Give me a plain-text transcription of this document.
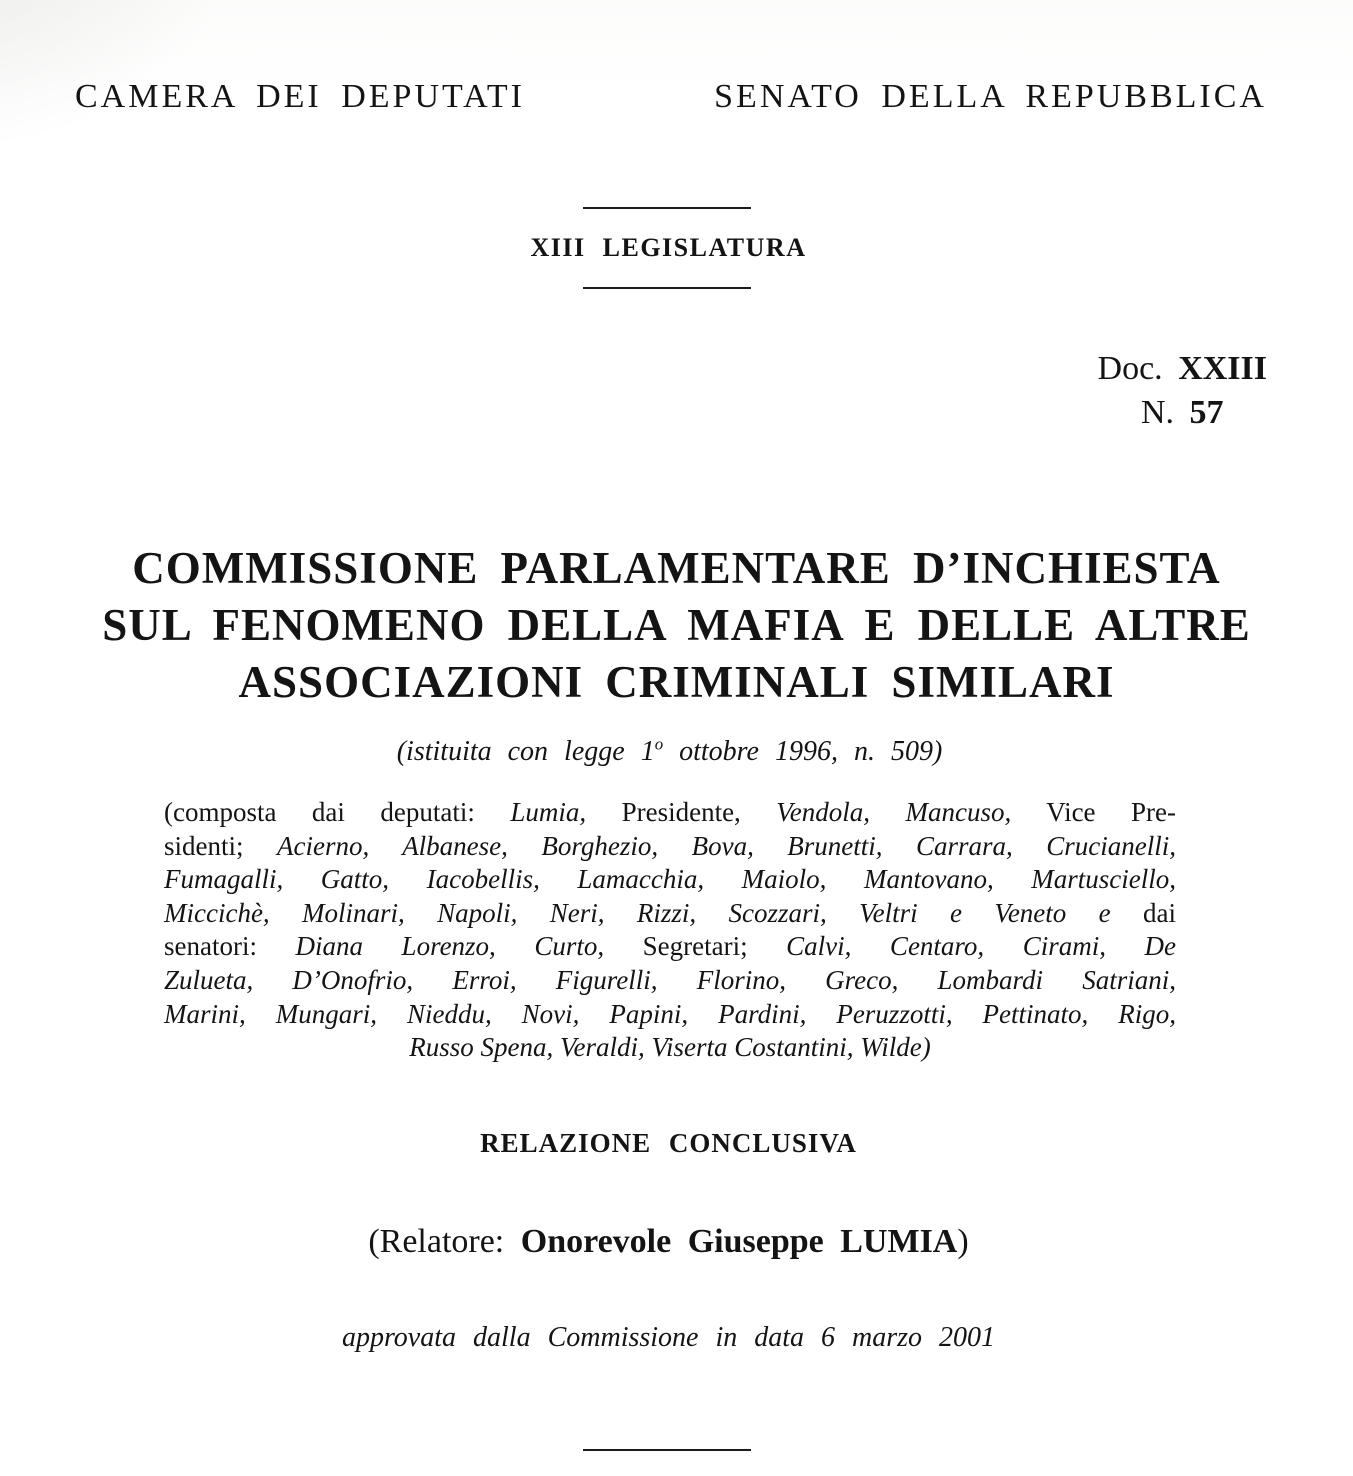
CAMERA DEI DEPUTATI	SENATO DELLA REPUBBLICA
XIII LEGISLATURA
Doc. XXIII
N. 57
COMMISSIONE PARLAMENTARE D’INCHIESTA
SUL FENOMENO DELLA MAFIA E DELLE ALTRE
ASSOCIAZIONI CRIMINALI SIMILARI
(istituita con legge 1$^o$ ottobre 1996, n. 509)
(composta dai deputati: Lumia, Presidente, Vendola, Mancuso, Vice Pre-
sidenti; Acierno, Albanese, Borghezio, Bova, Brunetti, Carrara, Crucianelli,
Fumagalli, Gatto, Iacobellis, Lamacchia, Maiolo, Mantovano, Martusciello,
Miccichè, Molinari, Napoli, Neri, Rizzi, Scozzari, Veltri e Veneto e dai
senatori: Diana Lorenzo, Curto, Segretari; Calvi, Centaro, Cirami, De
Zulueta, D’Onofrio, Erroi, Figurelli, Florino, Greco, Lombardi Satriani,
Marini, Mungari, Nieddu, Novi, Papini, Pardini, Peruzzotti, Pettinato, Rigo,
Russo Spena, Veraldi, Viserta Costantini, Wilde)
RELAZIONE CONCLUSIVA
(Relatore: Onorevole Giuseppe LUMIA)
approvata dalla Commissione in data 6 marzo 2001
